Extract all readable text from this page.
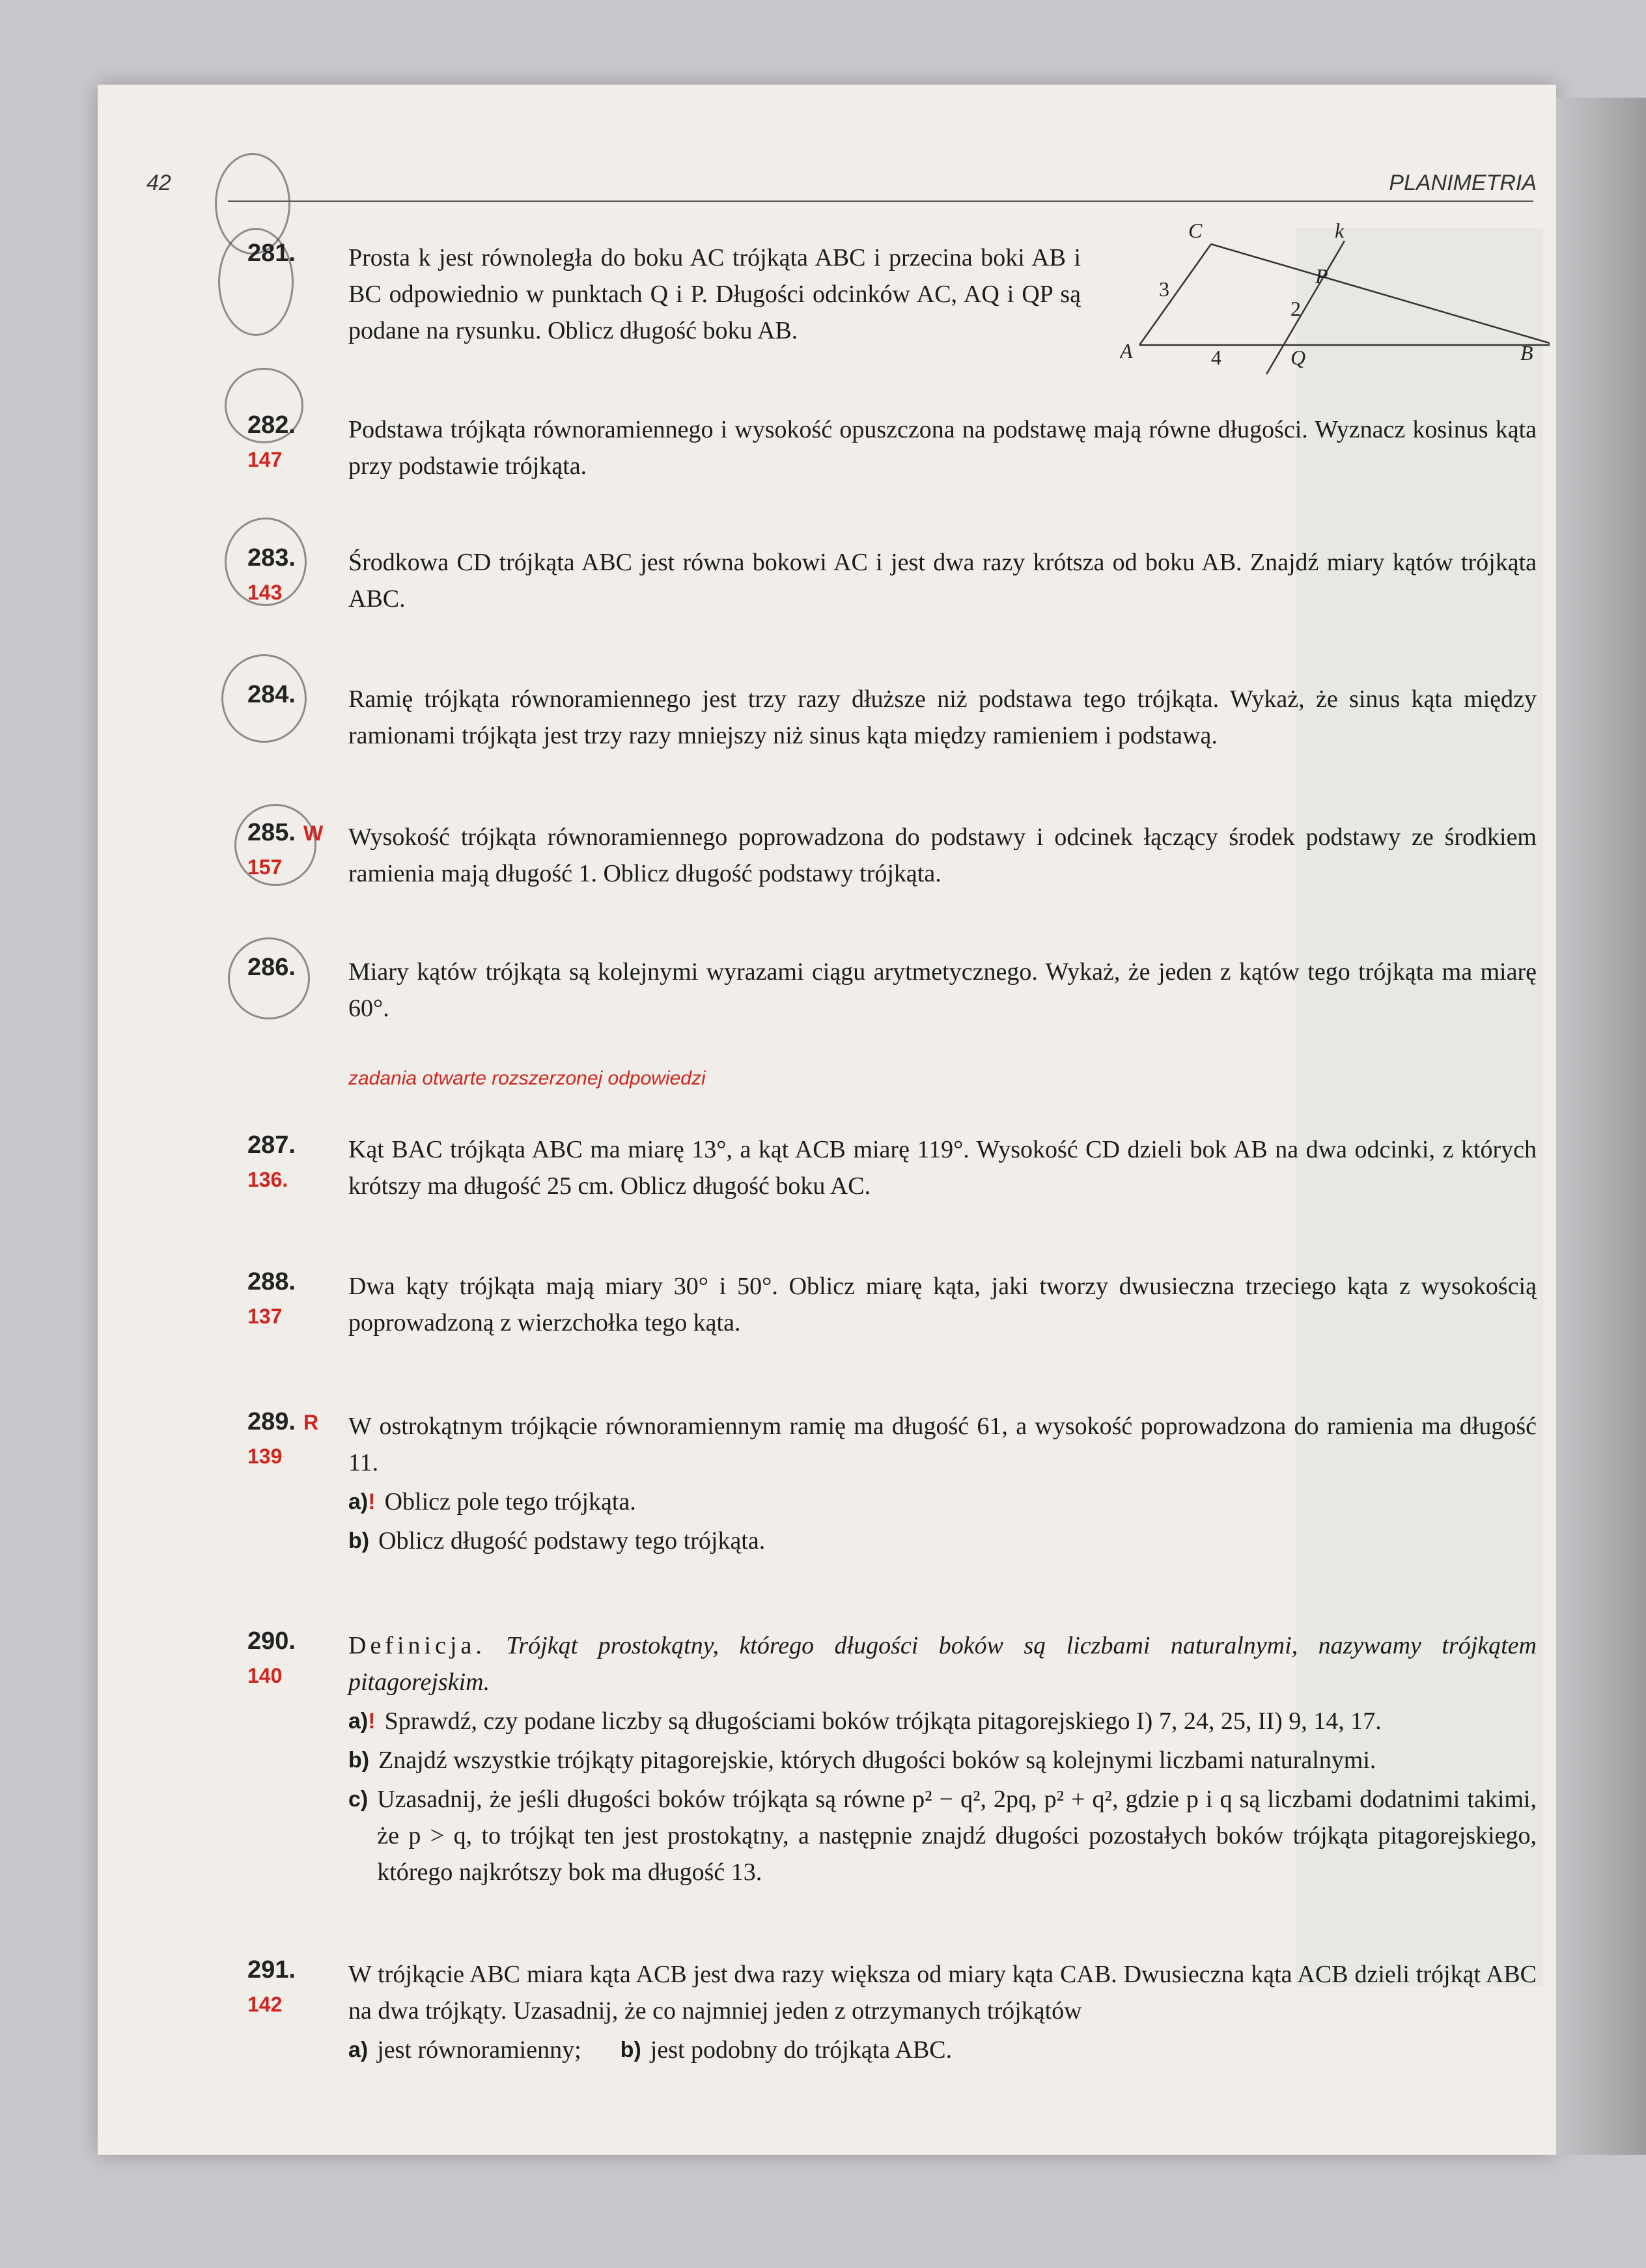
42	PLANIMETRIA
C
A	B
k
P
Q
3
4
2
281. Prosta k jest równoległa do boku AC trójkąta ABC i przecina boki AB i BC odpowiednio w punktach Q i P. Długości odcinków AC, AQ i QP są podane na rysunku. Oblicz długość boku AB.
282.
147
Podstawa trójkąta równoramiennego i wysokość opuszczona na podstawę mają równe długości. Wyznacz kosinus kąta przy podstawie trójkąta.
283.
143
Środkowa CD trójkąta ABC jest równa bokowi AC i jest dwa razy krótsza od boku AB. Znajdź miary kątów trójkąta ABC.
284. Ramię trójkąta równoramiennego jest trzy razy dłuższe niż podstawa tego trójkąta. Wykaż, że sinus kąta między ramionami trójkąta jest trzy razy mniejszy niż sinus kąta między ramieniem i podstawą.
285. W
157
Wysokość trójkąta równoramiennego poprowadzona do podstawy i odcinek łączący środek podstawy ze środkiem ramienia mają długość 1. Oblicz długość podstawy trójkąta.
286. Miary kątów trójkąta są kolejnymi wyrazami ciągu arytmetycznego. Wykaż, że jeden z kątów tego trójkąta ma miarę 60°.
zadania otwarte rozszerzonej odpowiedzi
287.
136.
Kąt BAC trójkąta ABC ma miarę 13°, a kąt ACB miarę 119°. Wysokość CD dzieli bok AB na dwa odcinki, z których krótszy ma długość 25 cm. Oblicz długość boku AC.
288.
137
Dwa kąty trójkąta mają miary 30° i 50°. Oblicz miarę kąta, jaki tworzy dwusieczna trzeciego kąta z wysokością poprowadzoną z wierzchołka tego kąta.
289. R
139
W ostrokątnym trójkącie równoramiennym ramię ma długość 61, a wysokość poprowadzona do ramienia ma długość 11.
a)! Oblicz pole tego trójkąta.
b) Oblicz długość podstawy tego trójkąta.
290.
140
Definicja. Trójkąt prostokątny, którego długości boków są liczbami naturalnymi, nazywamy trójkątem pitagorejskim.
a)! Sprawdź, czy podane liczby są długościami boków trójkąta pitagorejskiego I) 7, 24, 25, II) 9, 14, 17.
b) Znajdź wszystkie trójkąty pitagorejskie, których długości boków są kolejnymi liczbami naturalnymi.
c) Uzasadnij, że jeśli długości boków trójkąta są równe p² − q², 2pq, p² + q², gdzie p i q są liczbami dodatnimi takimi, że p > q, to trójkąt ten jest prostokątny, a następnie znajdź długości pozostałych boków trójkąta pitagorejskiego, którego najkrótszy bok ma długość 13.
291.
142
W trójkącie ABC miara kąta ACB jest dwa razy większa od miary kąta CAB. Dwusieczna kąta ACB dzieli trójkąt ABC na dwa trójkąty. Uzasadnij, że co najmniej jeden z otrzymanych trójkątów
a) jest równoramienny; b) jest podobny do trójkąta ABC.
